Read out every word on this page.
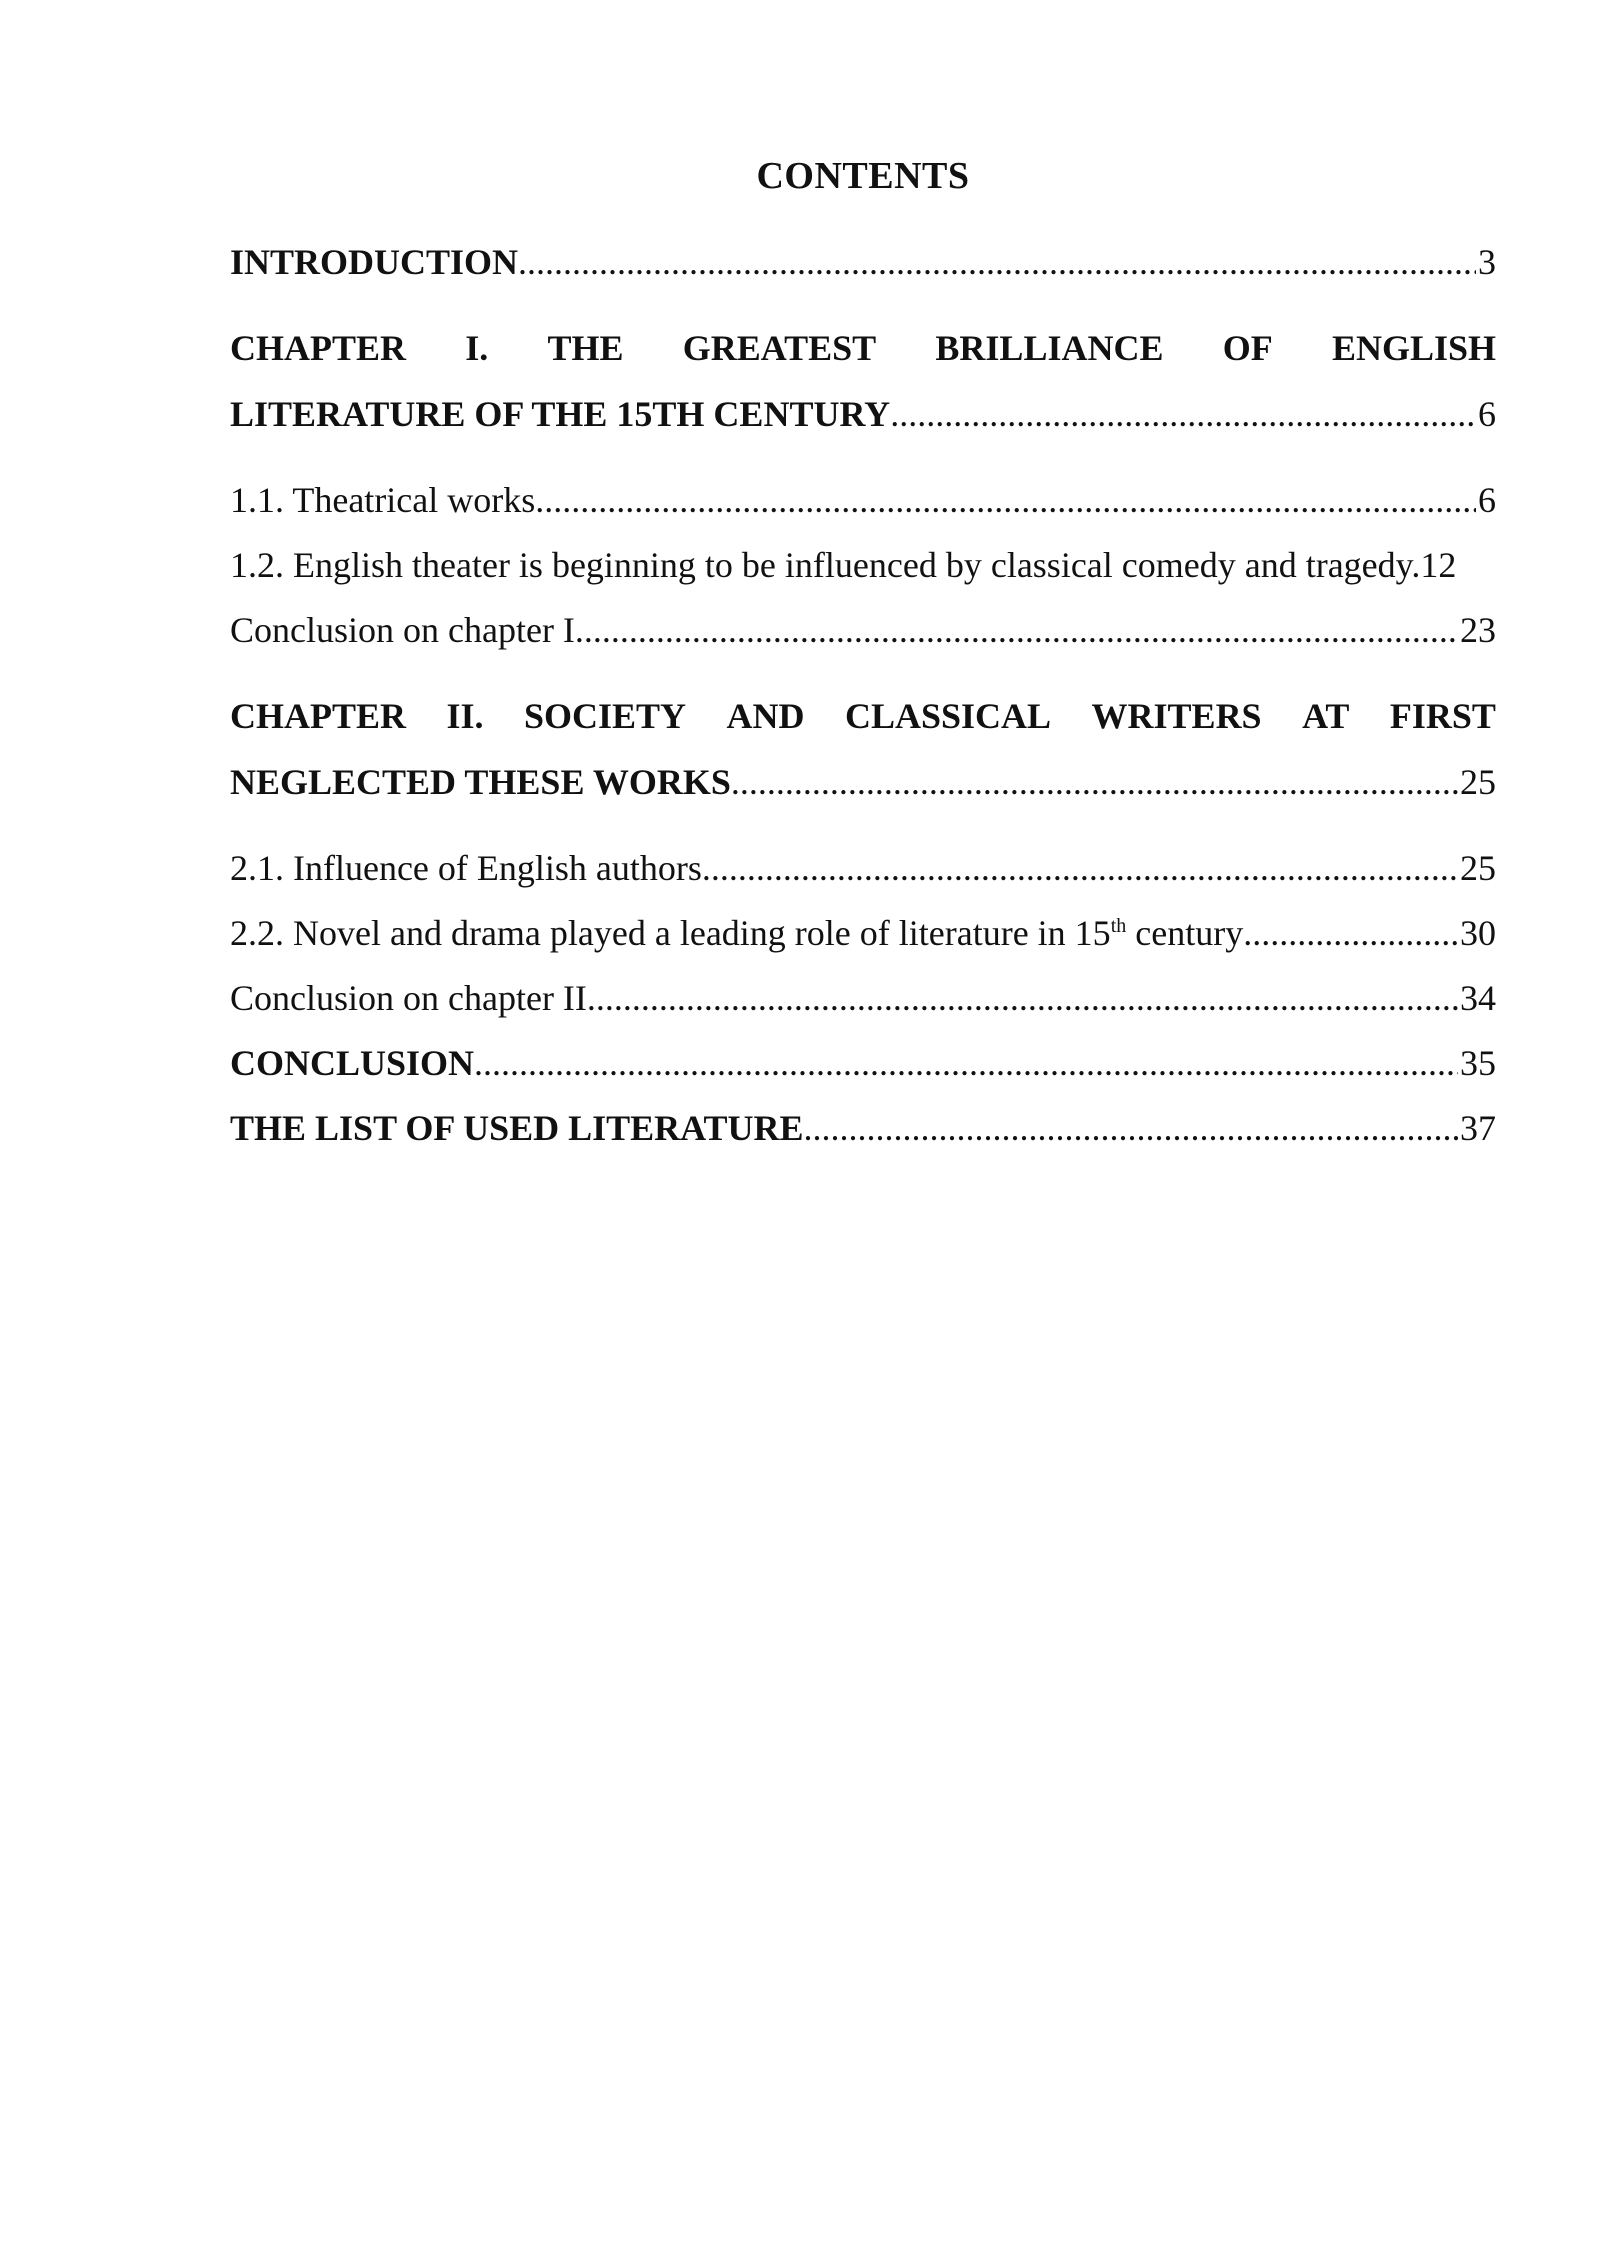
CONTENTS
INTRODUCTION .....	3
CHAPTER I. THE GREATEST BRILLIANCE OF ENGLISH
LITERATURE OF THE 15TH CENTURY .....	6
1.1. Theatrical works .....	6
1.2. English theater is beginning to be influenced by classical comedy and tragedy.12
Conclusion on chapter I .....	23
CHAPTER II. SOCIETY AND CLASSICAL WRITERS AT FIRST
NEGLECTED THESE WORKS .....	25
2.1. Influence of English authors .....	25
2.2. Novel and drama played a leading role of literature in 15th century .....	30
Conclusion on chapter II .....	34
CONCLUSION .....	35
THE LIST OF USED LITERATURE .....	37
